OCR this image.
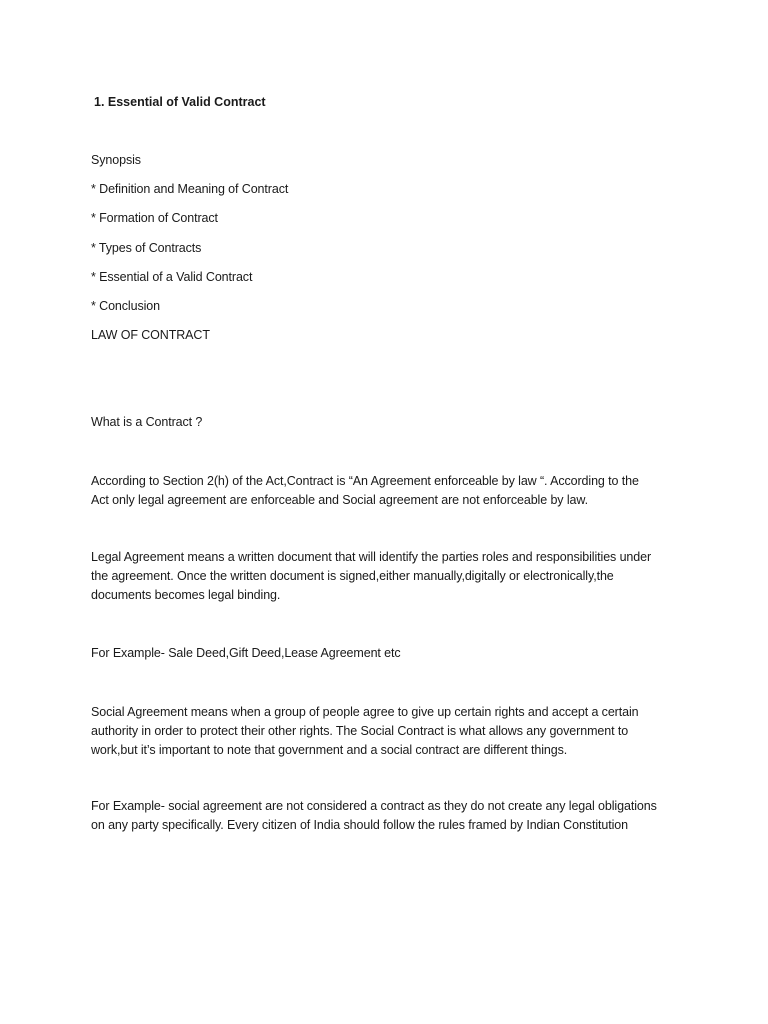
1. Essential of Valid Contract
Synopsis
* Definition and Meaning of Contract
* Formation of Contract
* Types of Contracts
* Essential of a Valid Contract
* Conclusion
LAW OF CONTRACT
What is a Contract ?
According to Section 2(h) of the Act,Contract is “An Agreement enforceable by law “. According to the
Act only legal agreement are enforceable and Social agreement are not enforceable by law.
Legal Agreement means a written document that will identify the parties roles and responsibilities under
the agreement. Once the written document is signed,either manually,digitally or electronically,the
documents becomes legal binding.
For Example- Sale Deed,Gift Deed,Lease Agreement etc
Social Agreement means when a group of people agree to give up certain rights and accept a certain
authority in order to protect their other rights. The Social Contract is what allows any government to
work,but it’s important to note that government and a social contract are different things.
For Example- social agreement are not considered a contract as they do not create any legal obligations
on any party specifically. Every citizen of India should follow the rules framed by Indian Constitution
